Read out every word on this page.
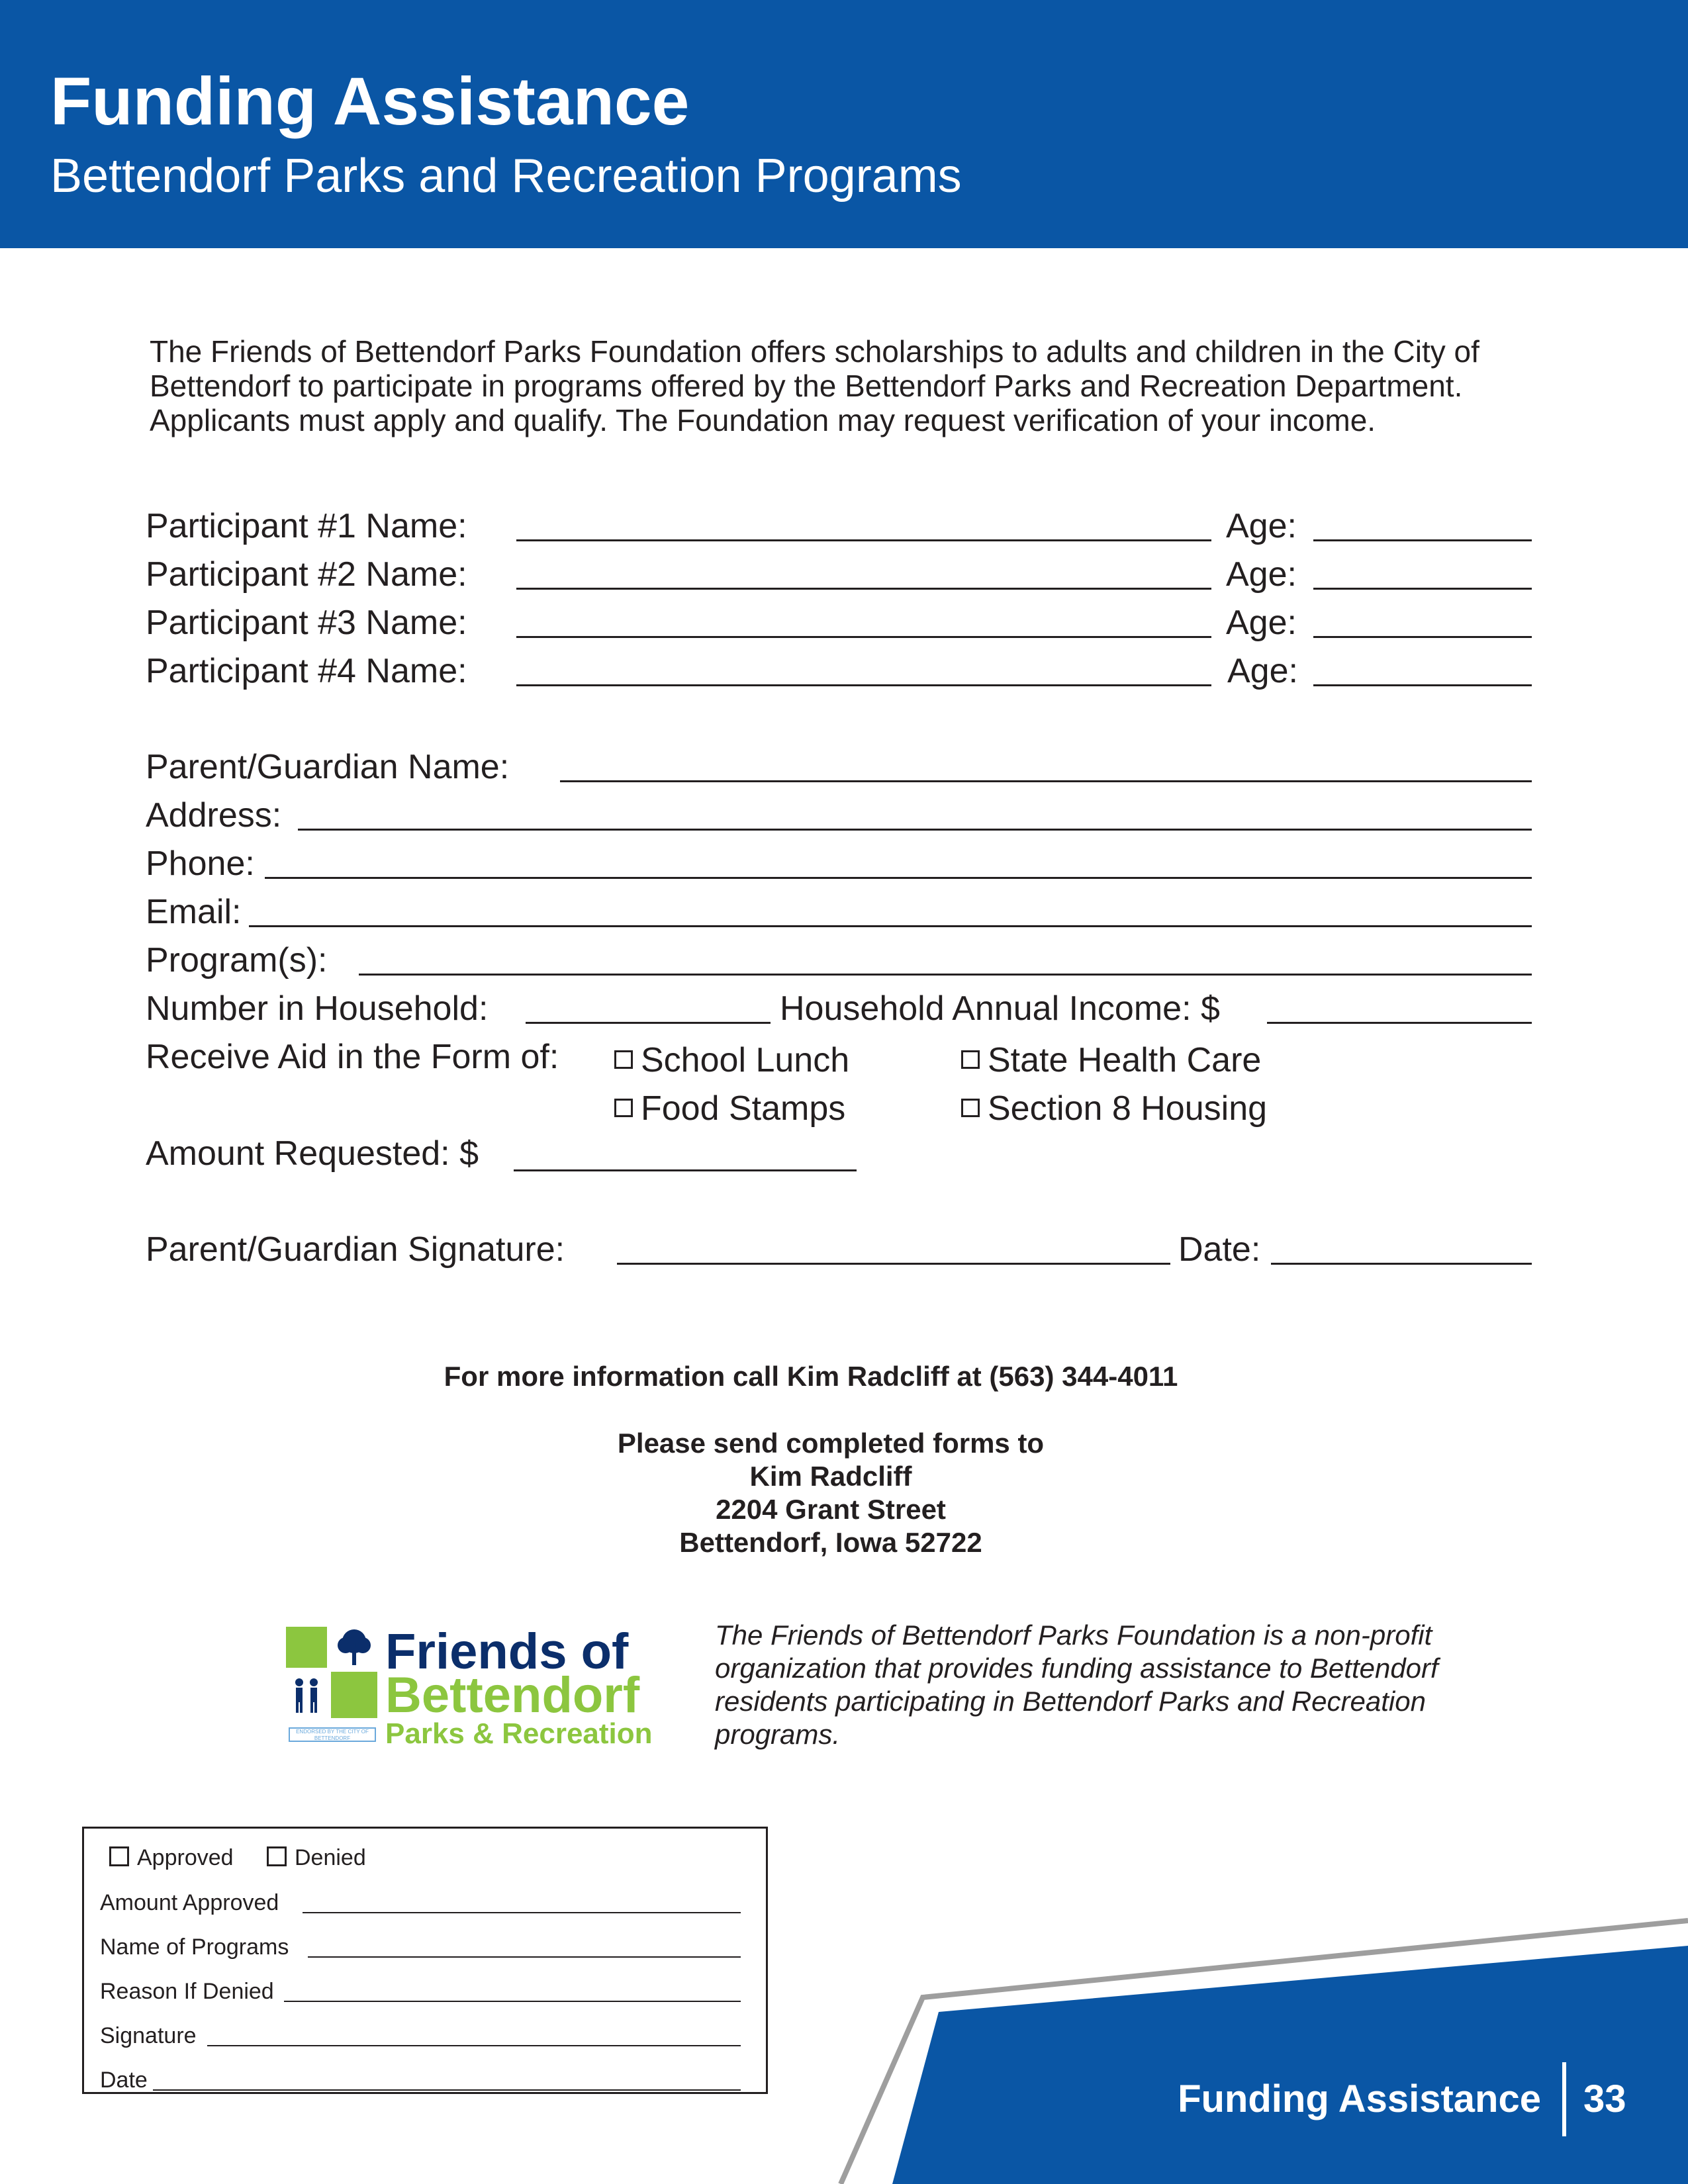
Funding Assistance
Bettendorf Parks and Recreation Programs
The Friends of Bettendorf Parks Foundation offers scholarships to adults and children in the City of Bettendorf to participate in programs offered by the Bettendorf Parks and Recreation Department. Applicants must apply and qualify. The Foundation may request verification of your income.
Participant #1 Name:	Age:
Participant #2 Name:	Age:
Participant #3 Name:	Age:
Participant #4 Name:	Age:
Parent/Guardian Name:
Address:
Phone:
Email:
Program(s):
Number in Household:	Household Annual Income: $
Receive Aid in the Form of:	School Lunch	State Health Care
Food Stamps	Section 8 Housing
Amount Requested: $
Parent/Guardian Signature:	Date:
For more information call Kim Radcliff at (563) 344-4011
Please send completed forms to
Kim Radcliff
2204 Grant Street
Bettendorf, Iowa 52722
ENDORSED BY THE CITY OF BETTENDORF
Friends of
Bettendorf
Parks & Recreation
The Friends of Bettendorf Parks Foundation is a non-profit organization that provides funding assistance to Bettendorf residents participating in Bettendorf Parks and Recreation programs.
Approved	Denied
Amount Approved
Name of Programs
Reason If Denied
Signature
Date	Funding Assistance 33
